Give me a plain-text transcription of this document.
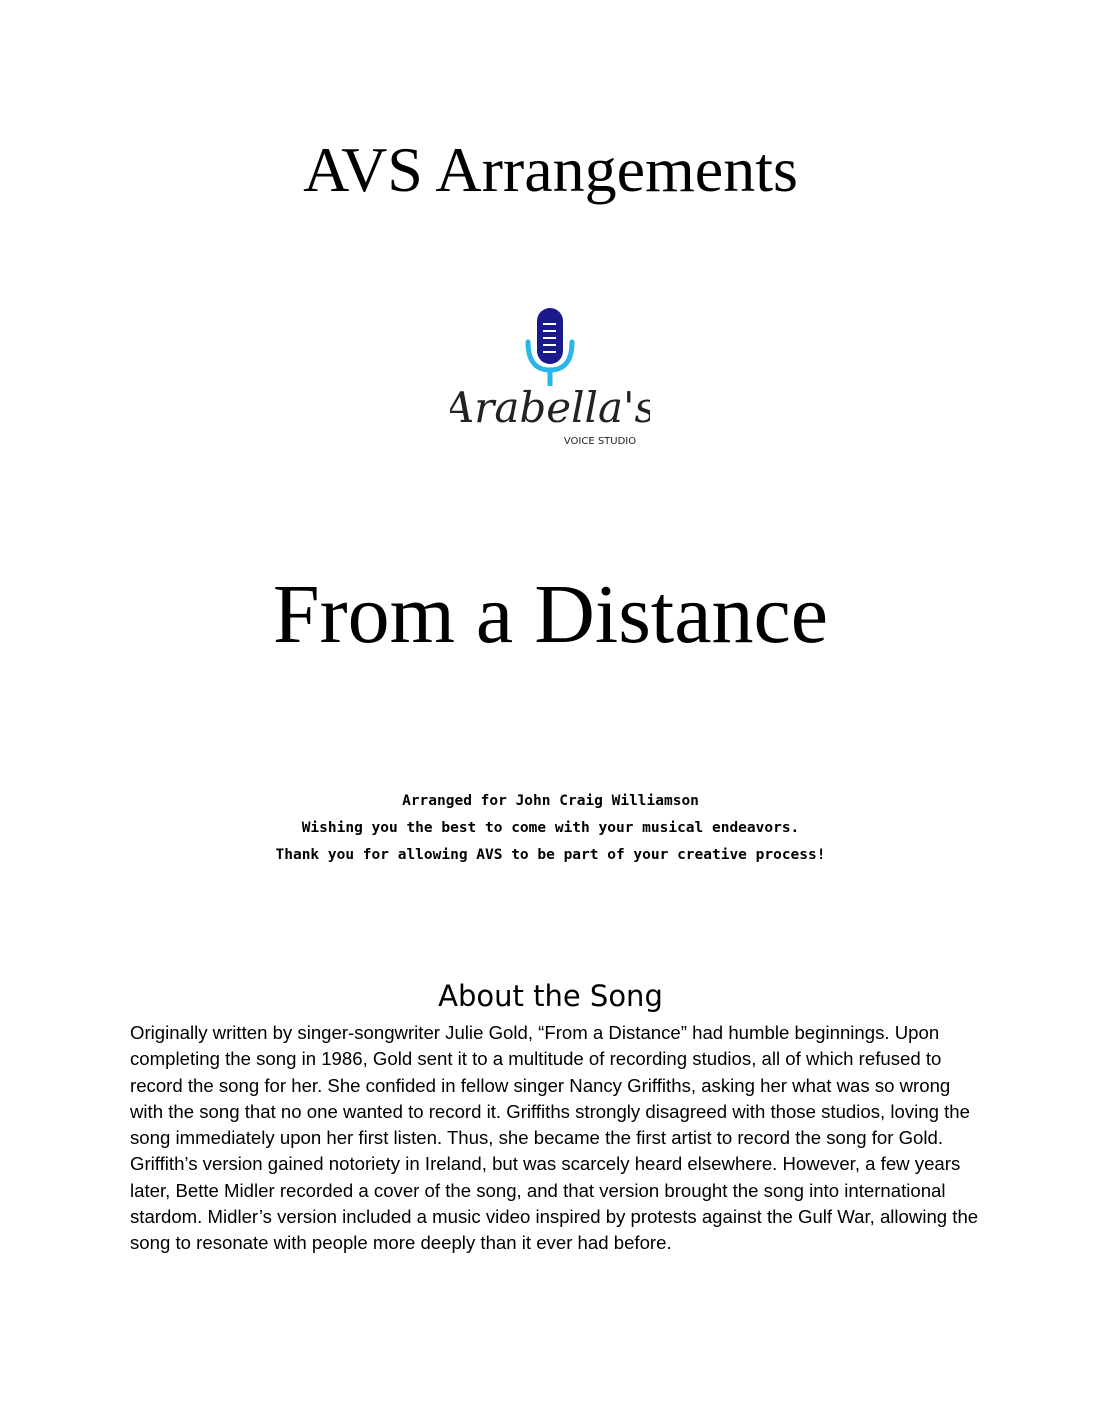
AVS Arrangements
Arabella's
VOICE STUDIO
From a Distance
Arranged for John Craig Williamson
Wishing you the best to come with your musical endeavors.
Thank you for allowing AVS to be part of your creative process!
About the Song

Originally written by singer-songwriter Julie Gold, “From a Distance” had humble beginnings. Upon completing the song in 1986, Gold sent it to a multitude of recording studios, all of which refused to record the song for her. She confided in fellow singer Nancy Griffiths, asking her what was so wrong with the song that no one wanted to record it. Griffiths strongly disagreed with those studios, loving the song immediately upon her first listen. Thus, she became the first artist to record the song for Gold. Griffith’s version gained notoriety in Ireland, but was scarcely heard elsewhere. However, a few years later, Bette Midler recorded a cover of the song, and that version brought the song into international stardom. Midler’s version included a music video inspired by protests against the Gulf War, allowing the song to resonate with people more deeply than it ever had before.
